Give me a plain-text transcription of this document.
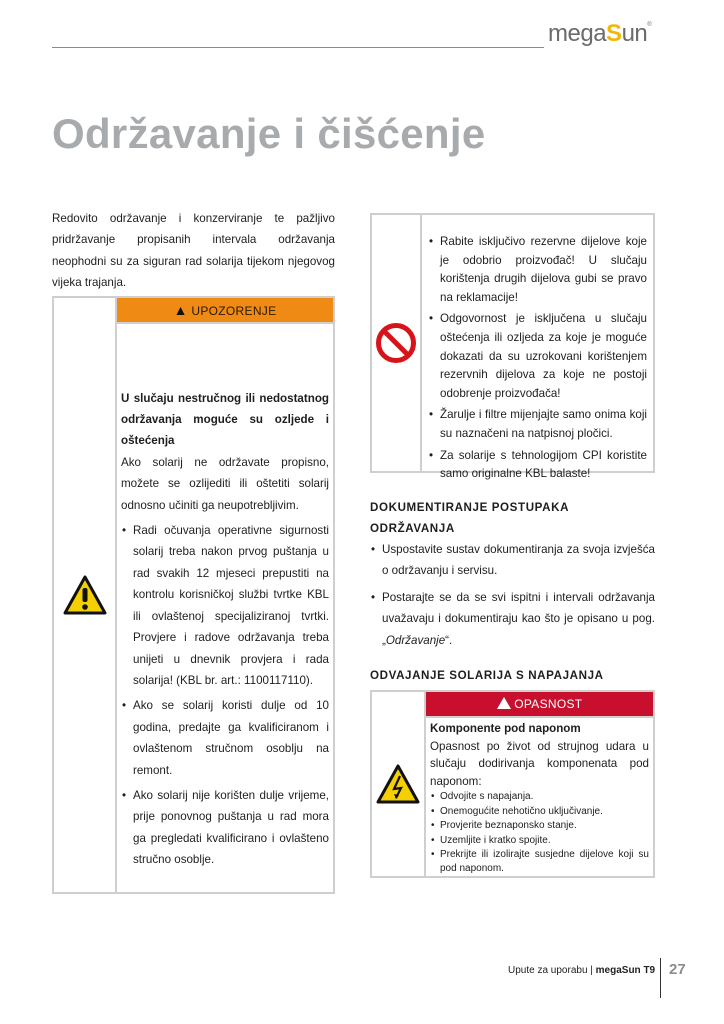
megaSun®
Održavanje i čišćenje

Redovito održavanje i konzerviranje te pažljivo pridržavanje propisanih intervala održavanja neophodni su za siguran rad solarija tijekom njegovog vijeka trajanja.

▲ UPOZORENJE
U slučaju nestručnog ili nedostatnog održavanja moguće su ozljede i oštećenja
Ako solarij ne održavate propisno, možete se ozlijediti ili oštetiti solarij odnosno učiniti ga neupotrebljivim.
• Radi očuvanja operativne sigurnosti solarij treba nakon prvog puštanja u rad svakih 12 mjeseci prepustiti na kontrolu korisničkoj službi tvrtke KBL ili ovlaštenoj specijaliziranoj tvrtki. Provjere i radove održavanja treba unijeti u dnevnik provjera i rada solarija! (KBL br. art.: 1100117110).
• Ako se solarij koristi dulje od 10 godina, predajte ga kvalificiranom i ovlaštenom stručnom osoblju na remont.
• Ako solarij nije korišten dulje vrijeme, prije ponovnog puštanja u rad mora ga pregledati kvalificirano i ovlašteno stručno osoblje.
• Rabite isključivo rezervne dijelove koje je odobrio proizvođač! U slučaju korištenja drugih dijelova gubi se pravo na reklamacije!
• Odgovornost je isključena u slučaju oštećenja ili ozljeda za koje je moguće dokazati da su uzrokovani korištenjem rezervnih dijelova za koje ne postoji odobrenje proizvođača!
• Žarulje i filtre mijenjajte samo onima koji su naznačeni na natpisnoj pločici.
• Za solarije s tehnologijom CPI koristite samo originalne KBL balaste!
DOKUMENTIRANJE POSTUPAKA ODRŽAVANJA
• Uspostavite sustav dokumentiranja za svoja izvješća o održavanju i servisu.
• Postarajte se da se svi ispitni i intervali održavanja uvažavaju i dokumentiraju kao što je opisano u pog. „Održavanje“.
ODVAJANJE SOLARIJA S NAPAJANJA
OPASNOST
Komponente pod naponom
Opasnost po život od strujnog udara u slučaju dodirivanja komponenata pod naponom:
• Odvojite s napajanja.
• Onemogućite nehotično uključivanje.
• Provjerite beznaponsko stanje.
• Uzemljite i kratko spojite.
• Prekrijte ili izolirajte susjedne dijelove koji su pod naponom.
Upute za uporabu | megaSun T9 27
